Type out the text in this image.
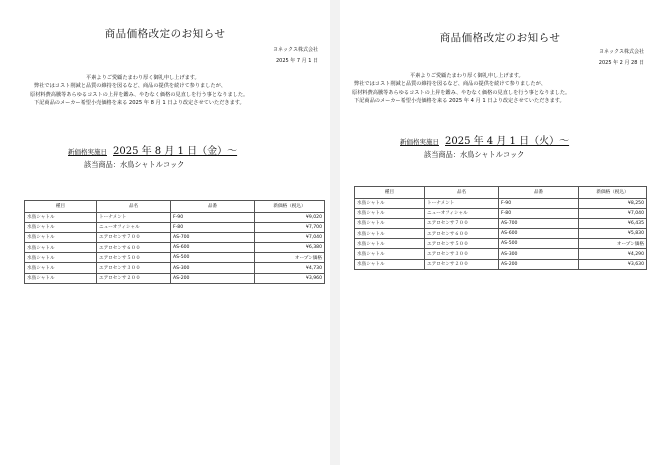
商品価格改定のお知らせ
ヨネックス株式会社
2025 年 7 月 1 日
平素よりご愛顧たまわり厚く御礼申し上げます。
弊社ではコスト削減と品質の維持を図るなど、商品の提供を続けて参りましたが、
原材料費高騰等あらゆるコストの上昇を鑑み、やむなく価格の見直しを行う事となりました。
下記商品のメーカー希望小売価格を来る 2025 年 8 月 1 日より改定させていただきます。
新価格実施日 2025 年 8 月 1 日（金）〜
該当商品：水鳥シャトルコック
種目	品名	品番	新価格（税込）
水鳥シャトル	トーナメント	F-90	¥9,020
水鳥シャトル	ニューオフィシャル	F-80	¥7,700
水鳥シャトル	エアロセンサ７００	AS-700	¥7,040
水鳥シャトル	エアロセンサ６００	AS-600	¥6,380
水鳥シャトル	エアロセンサ５００	AS-500	オープン価格
水鳥シャトル	エアロセンサ３００	AS-300	¥4,730
水鳥シャトル	エアロセンサ２００	AS-200	¥3,960
商品価格改定のお知らせ
ヨネックス株式会社
2025 年 2 月 28 日
平素よりご愛顧たまわり厚く御礼申し上げます。
弊社ではコスト削減と品質の維持を図るなど、商品の提供を続けて参りましたが、
原材料費高騰等あらゆるコストの上昇を鑑み、やむなく価格の見直しを行う事となりました。
下記商品のメーカー希望小売価格を来る 2025 年 4 月 1 日より改定させていただきます。
新価格実施日 2025 年 4 月 1 日（火）〜
該当商品：水鳥シャトルコック
種目	品名	品番	新価格（税込）
水鳥シャトル	トーナメント	F-90	¥8,250
水鳥シャトル	ニューオフィシャル	F-80	¥7,040
水鳥シャトル	エアロセンサ７００	AS-700	¥6,435
水鳥シャトル	エアロセンサ６００	AS-600	¥5,830
水鳥シャトル	エアロセンサ５００	AS-500	オープン価格
水鳥シャトル	エアロセンサ３００	AS-300	¥4,290
水鳥シャトル	エアロセンサ２００	AS-200	¥3,630
